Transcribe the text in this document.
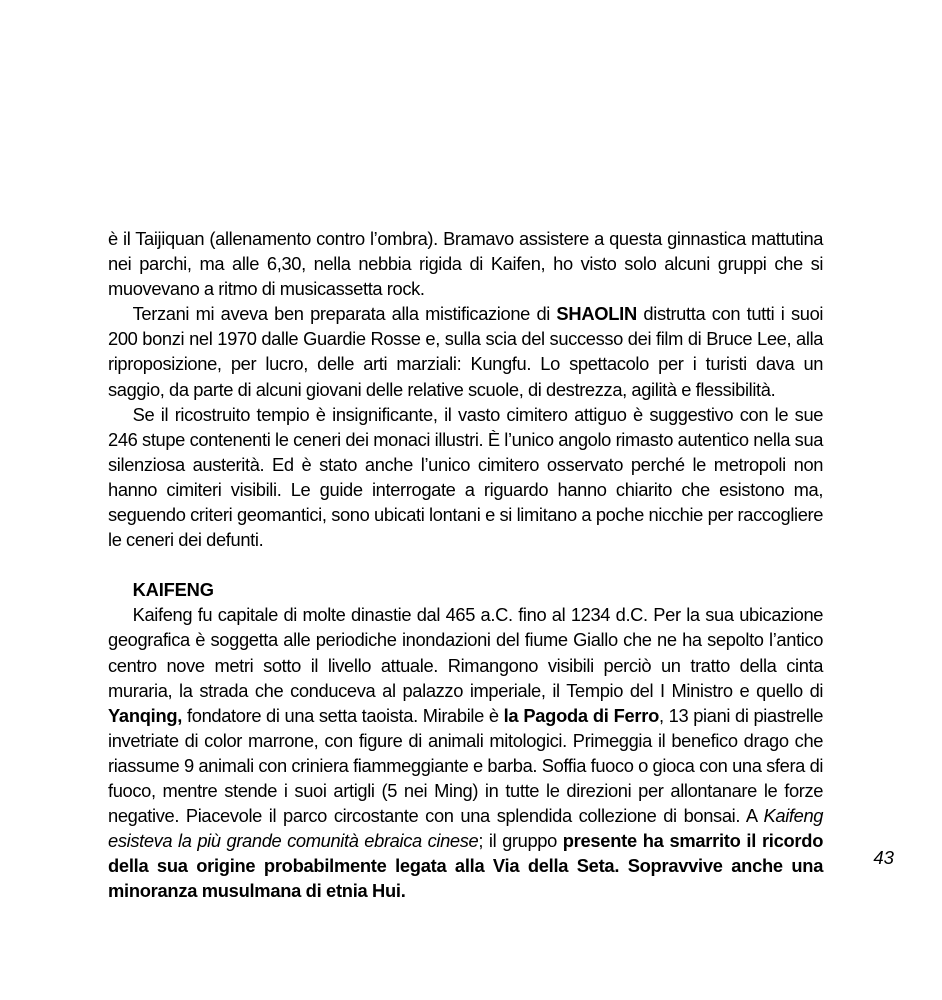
è il Taijiquan (allenamento contro l’ombra). Bramavo assistere a questa ginnastica mattutina nei parchi, ma alle 6,30, nella nebbia rigida di Kaifen, ho visto solo alcuni gruppi che si muovevano a ritmo di musicassetta rock.

Terzani mi aveva ben preparata alla mistificazione di SHAOLIN distrutta con tutti i suoi 200 bonzi nel 1970 dalle Guardie Rosse e, sulla scia del successo dei film di Bruce Lee, alla riproposizione, per lucro, delle arti marziali: Kungfu. Lo spettacolo per i turisti dava un saggio, da parte di alcuni giovani delle relative scuole, di destrezza, agilità e flessibilità.

Se il ricostruito tempio è insignificante, il vasto cimitero attiguo è suggestivo con le sue 246 stupe contenenti le ceneri dei monaci illustri. È l’unico angolo rimasto autentico nella sua silenziosa austerità. Ed è stato anche l’unico cimitero osservato perché le metropoli non hanno cimiteri visibili. Le guide interrogate a riguardo hanno chiarito che esistono ma, seguendo criteri geomantici, sono ubicati lontani e si limitano a poche nicchie per raccogliere le ceneri dei defunti.

KAIFENG

Kaifeng fu capitale di molte dinastie dal 465 a.C. fino al 1234 d.C. Per la sua ubicazione geografica è soggetta alle periodiche inondazioni del fiume Giallo che ne ha sepolto l’antico centro nove metri sotto il livello attuale. Rimangono visibili perciò un tratto della cinta muraria, la strada che conduceva al palazzo imperiale, il Tempio del I Ministro e quello di Yanqing, fondatore di una setta taoista. Mirabile è la Pagoda di Ferro, 13 piani di piastrelle invetriate di color marrone, con figure di animali mitologici. Primeggia il benefico drago che riassume 9 animali con criniera fiammeggiante e barba. Soffia fuoco o gioca con una sfera di fuoco, mentre stende i suoi artigli (5 nei Ming) in tutte le direzioni per allontanare le forze negative. Piacevole il parco circostante con una splendida collezione di bonsai. A Kaifeng esisteva la più grande comunità ebraica cinese; il gruppo presente ha smarrito il ricordo della sua origine probabilmente legata alla Via della Seta. Sopravvive anche una minoranza musulmana di etnia Hui.

43
